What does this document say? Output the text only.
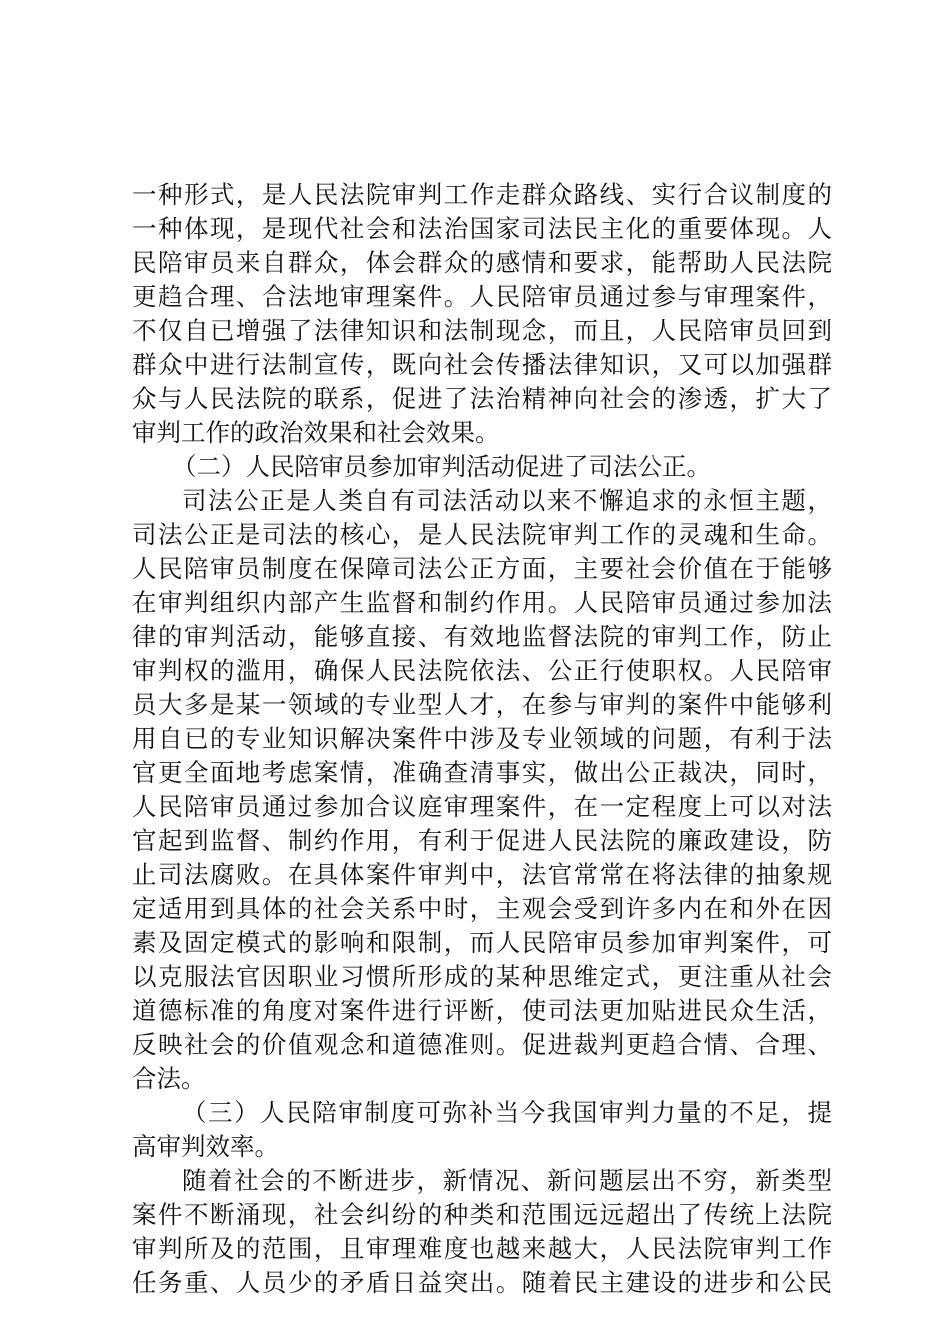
一种形式，是人民法院审判工作走群众路线、实行合议制度的

一种体现，是现代社会和法治国家司法民主化的重要体现。人

民陪审员来自群众，体会群众的感情和要求，能帮助人民法院

更趋合理、合法地审理案件。人民陪审员通过参与审理案件，

不仅自已增强了法律知识和法制现念，而且，人民陪审员回到

群众中进行法制宣传，既向社会传播法律知识，又可以加强群

众与人民法院的联系，促进了法治精神向社会的渗透，扩大了

审判工作的政治效果和社会效果。

（二）人民陪审员参加审判活动促进了司法公正。

司法公正是人类自有司法活动以来不懈追求的永恒主题，

司法公正是司法的核心，是人民法院审判工作的灵魂和生命。

人民陪审员制度在保障司法公正方面，主要社会价值在于能够

在审判组织内部产生监督和制约作用。人民陪审员通过参加法

律的审判活动，能够直接、有效地监督法院的审判工作，防止

审判权的滥用，确保人民法院依法、公正行使职权。人民陪审

员大多是某一领域的专业型人才，在参与审判的案件中能够利

用自已的专业知识解决案件中涉及专业领域的问题，有利于法

官更全面地考虑案情，准确查清事实，做出公正裁决，同时，

人民陪审员通过参加合议庭审理案件，在一定程度上可以对法

官起到监督、制约作用，有利于促进人民法院的廉政建设，防

止司法腐败。在具体案件审判中，法官常常在将法律的抽象规

定适用到具体的社会关系中时，主观会受到许多内在和外在因

素及固定模式的影响和限制，而人民陪审员参加审判案件，可

以克服法官因职业习惯所形成的某种思维定式，更注重从社会

道德标准的角度对案件进行评断，使司法更加贴进民众生活，

反映社会的价值观念和道德准则。促进裁判更趋合情、合理、

合法。

（三）人民陪审制度可弥补当今我国审判力量的不足，提

高审判效率。

随着社会的不断进步，新情况、新问题层出不穷，新类型

案件不断涌现，社会纠纷的种类和范围远远超出了传统上法院

审判所及的范围，且审理难度也越来越大，人民法院审判工作

任务重、人员少的矛盾日益突出。随着民主建设的进步和公民
